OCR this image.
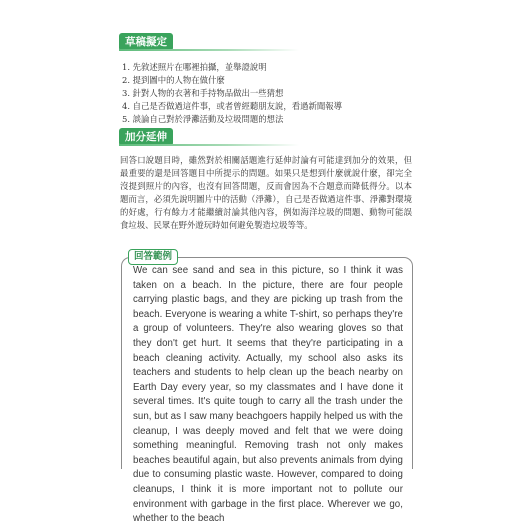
草稿擬定
1. 先敘述照片在哪裡拍攝，並舉證說明
2. 提到圖中的人物在做什麼
3. 針對人物的衣著和手持物品做出一些猜想
4. 自己是否做過這件事，或者曾經聽朋友說，看過新聞報導
5. 談論自己對於淨灘活動及垃圾問題的想法
加分延伸

回答口說題目時，雖然對於相關話題進行延伸討論有可能達到加分的效果，但最重要的還是回答題目中所提示的問題。如果只是想到什麼就說什麼，卻完全沒提到照片的內容，也沒有回答問題，反而會因為不合題意而降低得分。以本題而言，必須先說明圖片中的活動（淨灘），自己是否做過這件事、淨灘對環境的好處，行有餘力才能繼續討論其他內容，例如海洋垃圾的問題、動物可能誤食垃圾、民眾在野外遊玩時如何避免製造垃圾等等。

回答範例

We can see sand and sea in this picture, so I think it was taken on a beach. In the picture, there are four people carrying plastic bags, and they are picking up trash from the beach. Everyone is wearing a white T-shirt, so perhaps they're a group of volunteers. They're also wearing gloves so that they don't get hurt. It seems that they're participating in a beach cleaning activity. Actually, my school also asks its teachers and students to help clean up the beach nearby on Earth Day every year, so my classmates and I have done it several times. It's quite tough to carry all the trash under the sun, but as I saw many beachgoers happily helped us with the cleanup, I was deeply moved and felt that we were doing something meaningful. Removing trash not only makes beaches beautiful again, but also prevents animals from dying due to consuming plastic waste. However, compared to doing cleanups, I think it is more important not to pollute our environment with garbage in the first place. Wherever we go, whether to the beach
